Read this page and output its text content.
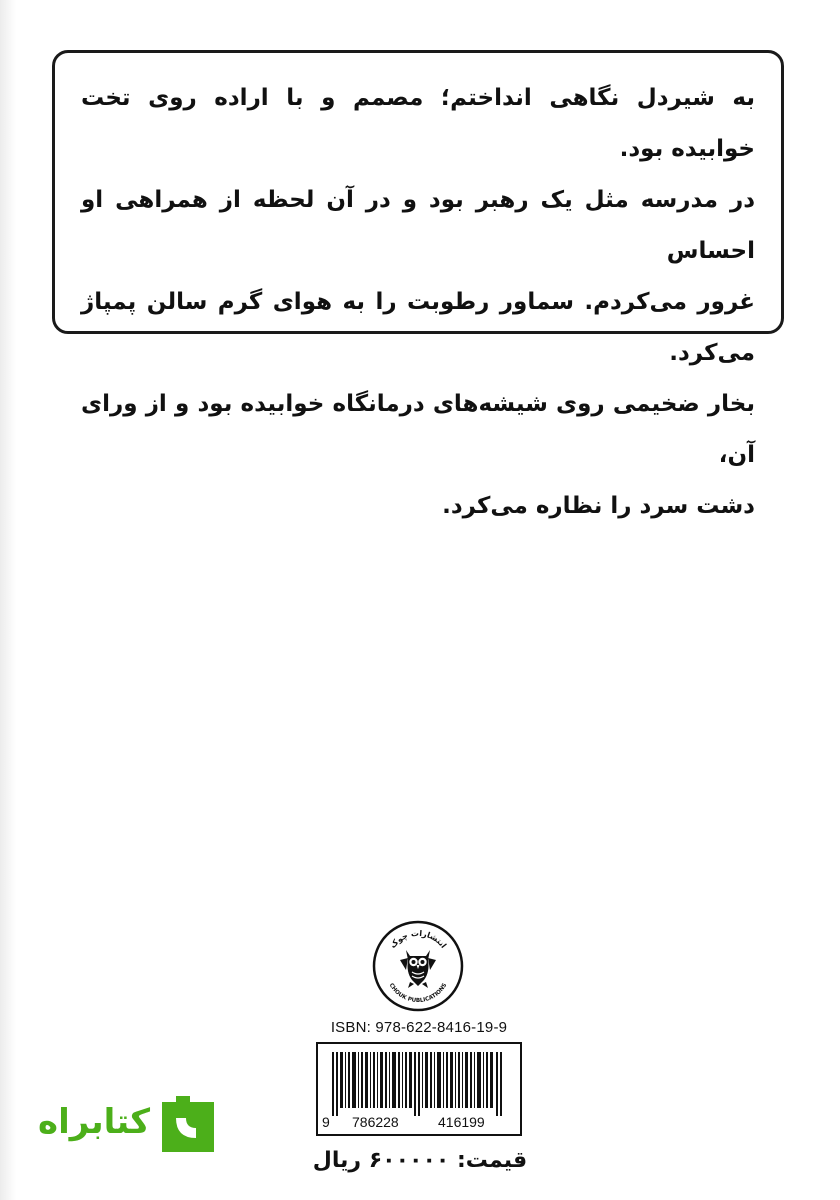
به شیردل نگاهی انداختم؛ مصمم و با اراده روی تخت خوابیده بود.
در مدرسه مثل یک رهبر بود و در آن لحظه از همراهی او احساس
غرور می‌کردم. سماور رطوبت را به هوای گرم سالن پمپاژ می‌کرد.
بخار ضخیمی روی شیشه‌های درمانگاه خوابیده بود و از ورای آن،
دشت سرد را نظاره می‌کرد.
انتشارات چوک
CHOUK PUBLICATIONS
ISBN: 978-622-8416-19-9
9 786228	416199
قیمت: ۶۰۰۰۰۰ ریال
کتابراه
